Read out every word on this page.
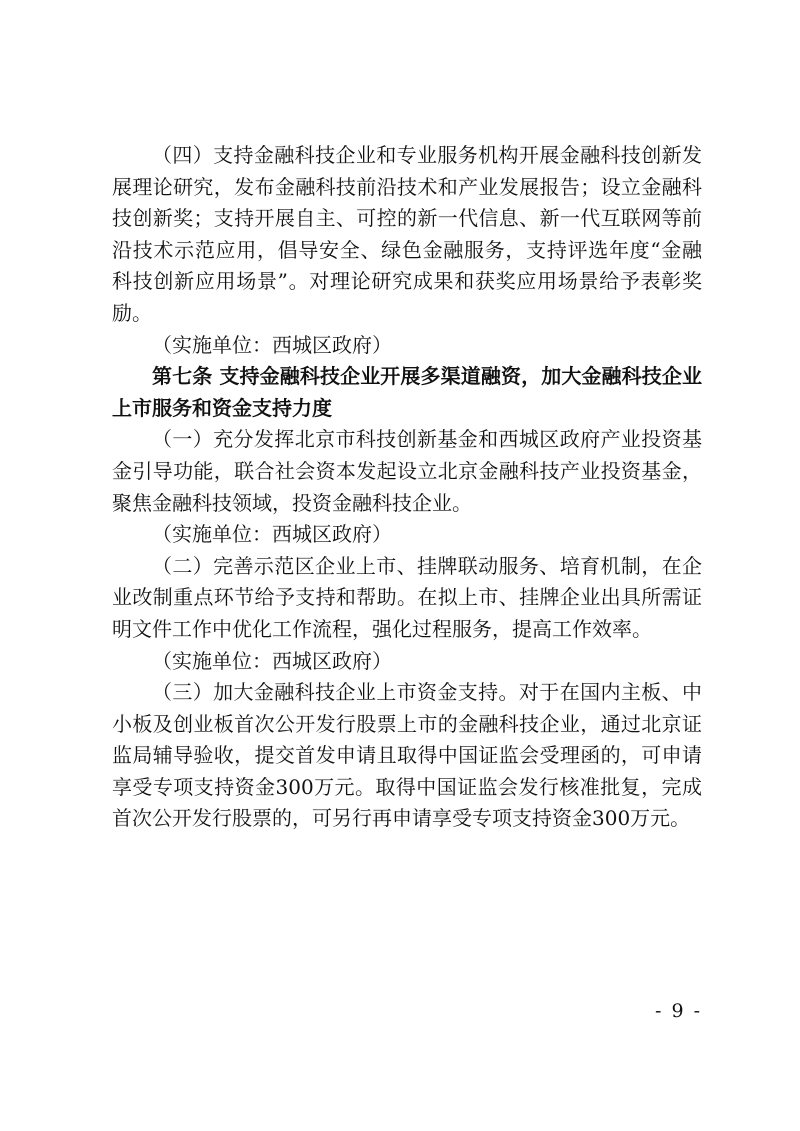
（四）支持金融科技企业和专业服务机构开展金融科技创新发展理论研究，发布金融科技前沿技术和产业发展报告；设立金融科技创新奖；支持开展自主、可控的新一代信息、新一代互联网等前沿技术示范应用，倡导安全、绿色金融服务，支持评选年度“金融科技创新应用场景”。对理论研究成果和获奖应用场景给予表彰奖励。

（实施单位：西城区政府）

第七条 支持金融科技企业开展多渠道融资，加大金融科技企业上市服务和资金支持力度

（一）充分发挥北京市科技创新基金和西城区政府产业投资基金引导功能，联合社会资本发起设立北京金融科技产业投资基金，聚焦金融科技领域，投资金融科技企业。

（实施单位：西城区政府）

（二）完善示范区企业上市、挂牌联动服务、培育机制，在企业改制重点环节给予支持和帮助。在拟上市、挂牌企业出具所需证明文件工作中优化工作流程，强化过程服务，提高工作效率。

（实施单位：西城区政府）

（三）加大金融科技企业上市资金支持。对于在国内主板、中小板及创业板首次公开发行股票上市的金融科技企业，通过北京证监局辅导验收，提交首发申请且取得中国证监会受理函的，可申请享受专项支持资金300万元。取得中国证监会发行核准批复，完成首次公开发行股票的，可另行再申请享受专项支持资金300万元。

- 9 -
